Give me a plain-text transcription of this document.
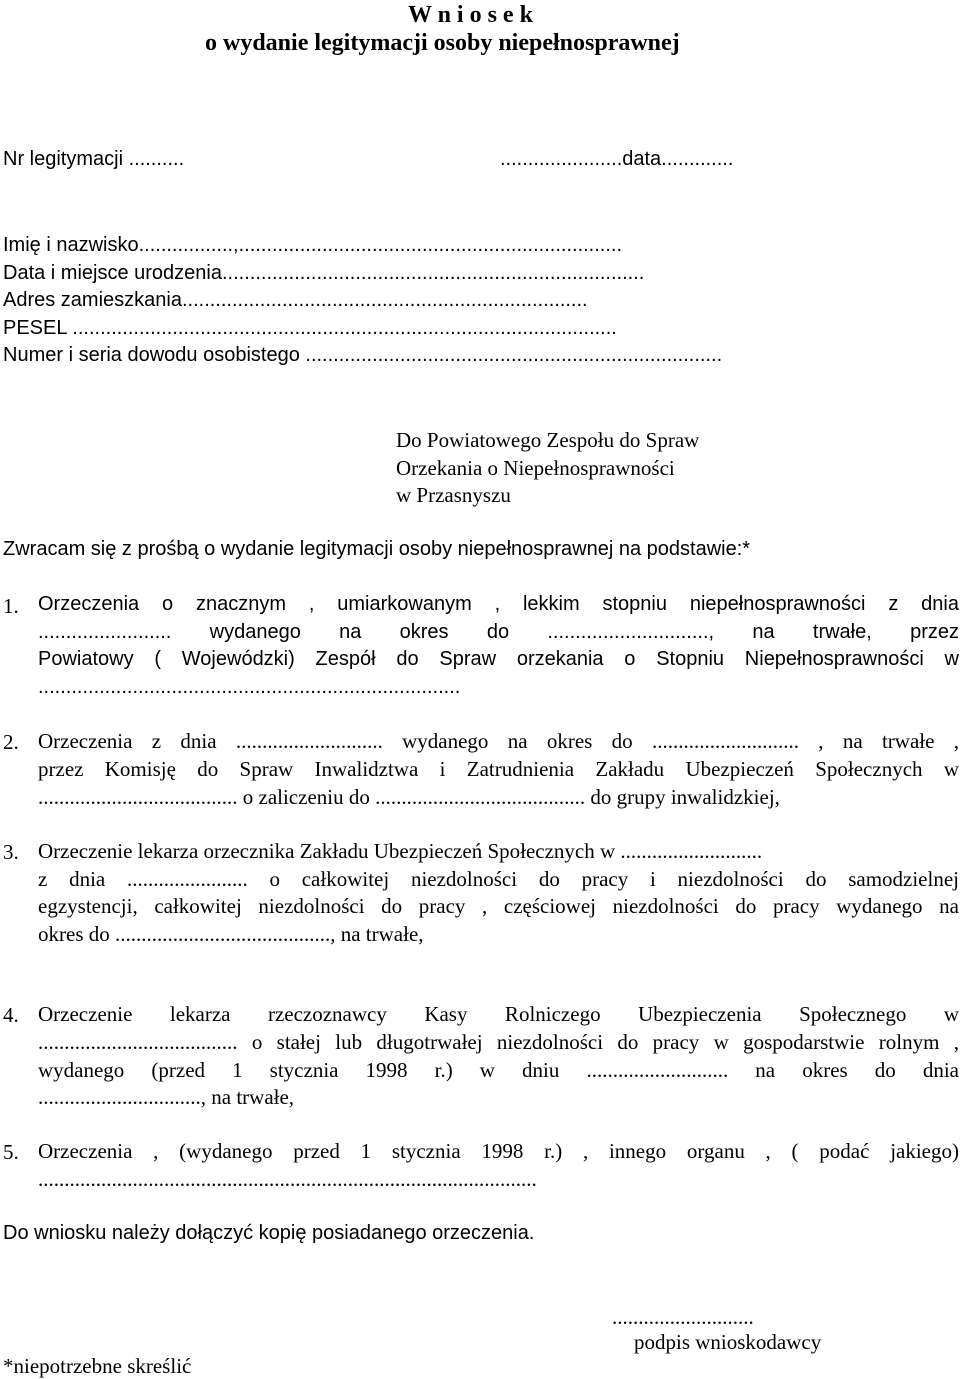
W n i o s e k
o wydanie legitymacji osoby niepełnosprawnej
Nr legitymacji ..........	......................data.............
Imię i nazwisko.................,.....................................................................
Data i miejsce urodzenia............................................................................
Adres zamieszkania.........................................................................
PESEL ..................................................................................................
Numer i seria dowodu osobistego ...........................................................................
Do Powiatowego Zespołu do Spraw
Orzekania o Niepełnosprawności
w Przasnyszu
Zwracam się z prośbą o wydanie legitymacji osoby niepełnosprawnej na podstawie:*
1. Orzeczenia o znacznym , umiarkowanym , lekkim stopniu niepełnosprawności z dnia
........................ wydanego na okres do ............................., na trwałe, przez
Powiatowy ( Wojewódzki) Zespół do Spraw orzekania o Stopniu Niepełnosprawności w
............................................................................
2. Orzeczenia z dnia ............................ wydanego na okres do ............................ , na trwałe ,
przez Komisję do Spraw Inwalidztwa i Zatrudnienia Zakładu Ubezpieczeń Społecznych w
...................................... o zaliczeniu do ........................................ do grupy inwalidzkiej,
3. Orzeczenie lekarza orzecznika Zakładu Ubezpieczeń Społecznych w ...........................
z dnia ....................... o całkowitej niezdolności do pracy i niezdolności do samodzielnej
egzystencji, całkowitej niezdolności do pracy , częściowej niezdolności do pracy wydanego na
okres do ........................................., na trwałe,
4. Orzeczenie lekarza rzeczoznawcy Kasy Rolniczego Ubezpieczenia Społecznego w
...................................... o stałej lub długotrwałej niezdolności do pracy w gospodarstwie rolnym ,
wydanego (przed 1 stycznia 1998 r.) w dniu ........................... na okres do dnia
..............................., na trwałe,
5. Orzeczenia , (wydanego przed 1 stycznia 1998 r.) , innego organu , ( podać jakiego)
...............................................................................................
Do wniosku należy dołączyć kopię posiadanego orzeczenia.
...........................
podpis wnioskodawcy
*niepotrzebne skreślić
